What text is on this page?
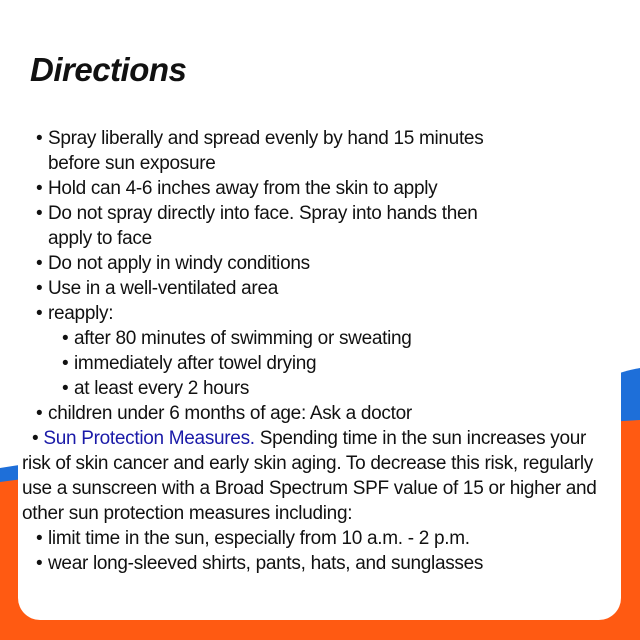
Directions
• Spray liberally and spread evenly by hand 15 minutes
before sun exposure
• Hold can 4-6 inches away from the skin to apply
• Do not spray directly into face. Spray into hands then
apply to face
• Do not apply in windy conditions
• Use in a well-ventilated area
• reapply:
• after 80 minutes of swimming or sweating
• immediately after towel drying
• at least every 2 hours
• children under 6 months of age: Ask a doctor
• Sun Protection Measures. Spending time in the sun increases your risk of skin cancer and early skin aging. To decrease this risk, regularly use a sunscreen with a Broad Spectrum SPF value of 15 or higher and other sun protection measures including:
• limit time in the sun, especially from 10 a.m. - 2 p.m.
• wear long-sleeved shirts, pants, hats, and sunglasses
